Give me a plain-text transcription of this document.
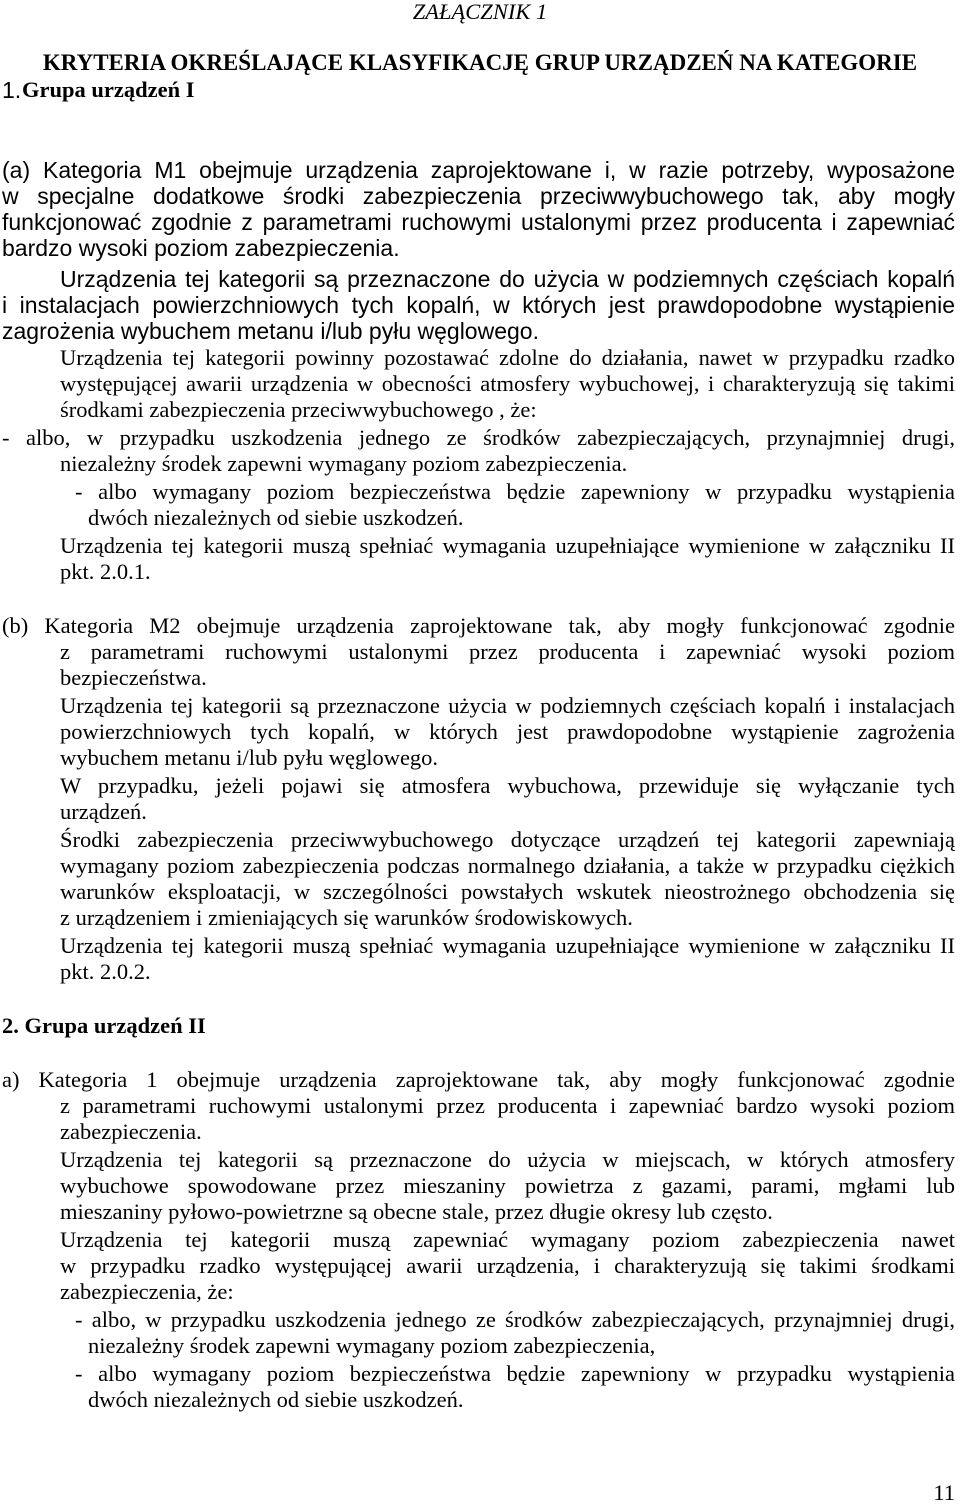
ZAŁĄCZNIK 1
KRYTERIA OKREŚLAJĄCE KLASYFIKACJĘ GRUP URZĄDZEŃ NA KATEGORIE
1. Grupa urządzeń I
(a) Kategoria M1 obejmuje urządzenia zaprojektowane i, w razie potrzeby, wyposażone
w specjalne dodatkowe środki zabezpieczenia przeciwwybuchowego tak, aby mogły
funkcjonować zgodnie z parametrami ruchowymi ustalonymi przez producenta i zapewniać
bardzo wysoki poziom zabezpieczenia.
Urządzenia tej kategorii są przeznaczone do użycia w podziemnych częściach kopalń
i instalacjach powierzchniowych tych kopalń, w których jest prawdopodobne wystąpienie
zagrożenia wybuchem metanu i/lub pyłu węglowego.
Urządzenia tej kategorii powinny pozostawać zdolne do działania, nawet w przypadku rzadko
występującej awarii urządzenia w obecności atmosfery wybuchowej, i charakteryzują się takimi
środkami zabezpieczenia przeciwwybuchowego , że:
- albo, w przypadku uszkodzenia jednego ze środków zabezpieczających, przynajmniej drugi,
niezależny środek zapewni wymagany poziom zabezpieczenia.
- albo wymagany poziom bezpieczeństwa będzie zapewniony w przypadku wystąpienia
dwóch niezależnych od siebie uszkodzeń.
Urządzenia tej kategorii muszą spełniać wymagania uzupełniające wymienione w załączniku II
pkt. 2.0.1.
(b) Kategoria M2 obejmuje urządzenia zaprojektowane tak, aby mogły funkcjonować zgodnie
z parametrami ruchowymi ustalonymi przez producenta i zapewniać wysoki poziom
bezpieczeństwa.
Urządzenia tej kategorii są przeznaczone użycia w podziemnych częściach kopalń i instalacjach
powierzchniowych tych kopalń, w których jest prawdopodobne wystąpienie zagrożenia
wybuchem metanu i/lub pyłu węglowego.
W przypadku, jeżeli pojawi się atmosfera wybuchowa, przewiduje się wyłączanie tych
urządzeń.
Środki zabezpieczenia przeciwwybuchowego dotyczące urządzeń tej kategorii zapewniają
wymagany poziom zabezpieczenia podczas normalnego działania, a także w przypadku ciężkich
warunków eksploatacji, w szczególności powstałych wskutek nieostrożnego obchodzenia się
z urządzeniem i zmieniających się warunków środowiskowych.
Urządzenia tej kategorii muszą spełniać wymagania uzupełniające wymienione w załączniku II
pkt. 2.0.2.
2. Grupa urządzeń II
a) Kategoria 1 obejmuje urządzenia zaprojektowane tak, aby mogły funkcjonować zgodnie
z parametrami ruchowymi ustalonymi przez producenta i zapewniać bardzo wysoki poziom
zabezpieczenia.
Urządzenia tej kategorii są przeznaczone do użycia w miejscach, w których atmosfery
wybuchowe spowodowane przez mieszaniny powietrza z gazami, parami, mgłami lub
mieszaniny pyłowo-powietrzne są obecne stale, przez długie okresy lub często.
Urządzenia tej kategorii muszą zapewniać wymagany poziom zabezpieczenia nawet
w przypadku rzadko występującej awarii urządzenia, i charakteryzują się takimi środkami
zabezpieczenia, że:
- albo, w przypadku uszkodzenia jednego ze środków zabezpieczających, przynajmniej drugi,
niezależny środek zapewni wymagany poziom zabezpieczenia,
- albo wymagany poziom bezpieczeństwa będzie zapewniony w przypadku wystąpienia
dwóch niezależnych od siebie uszkodzeń.
11
